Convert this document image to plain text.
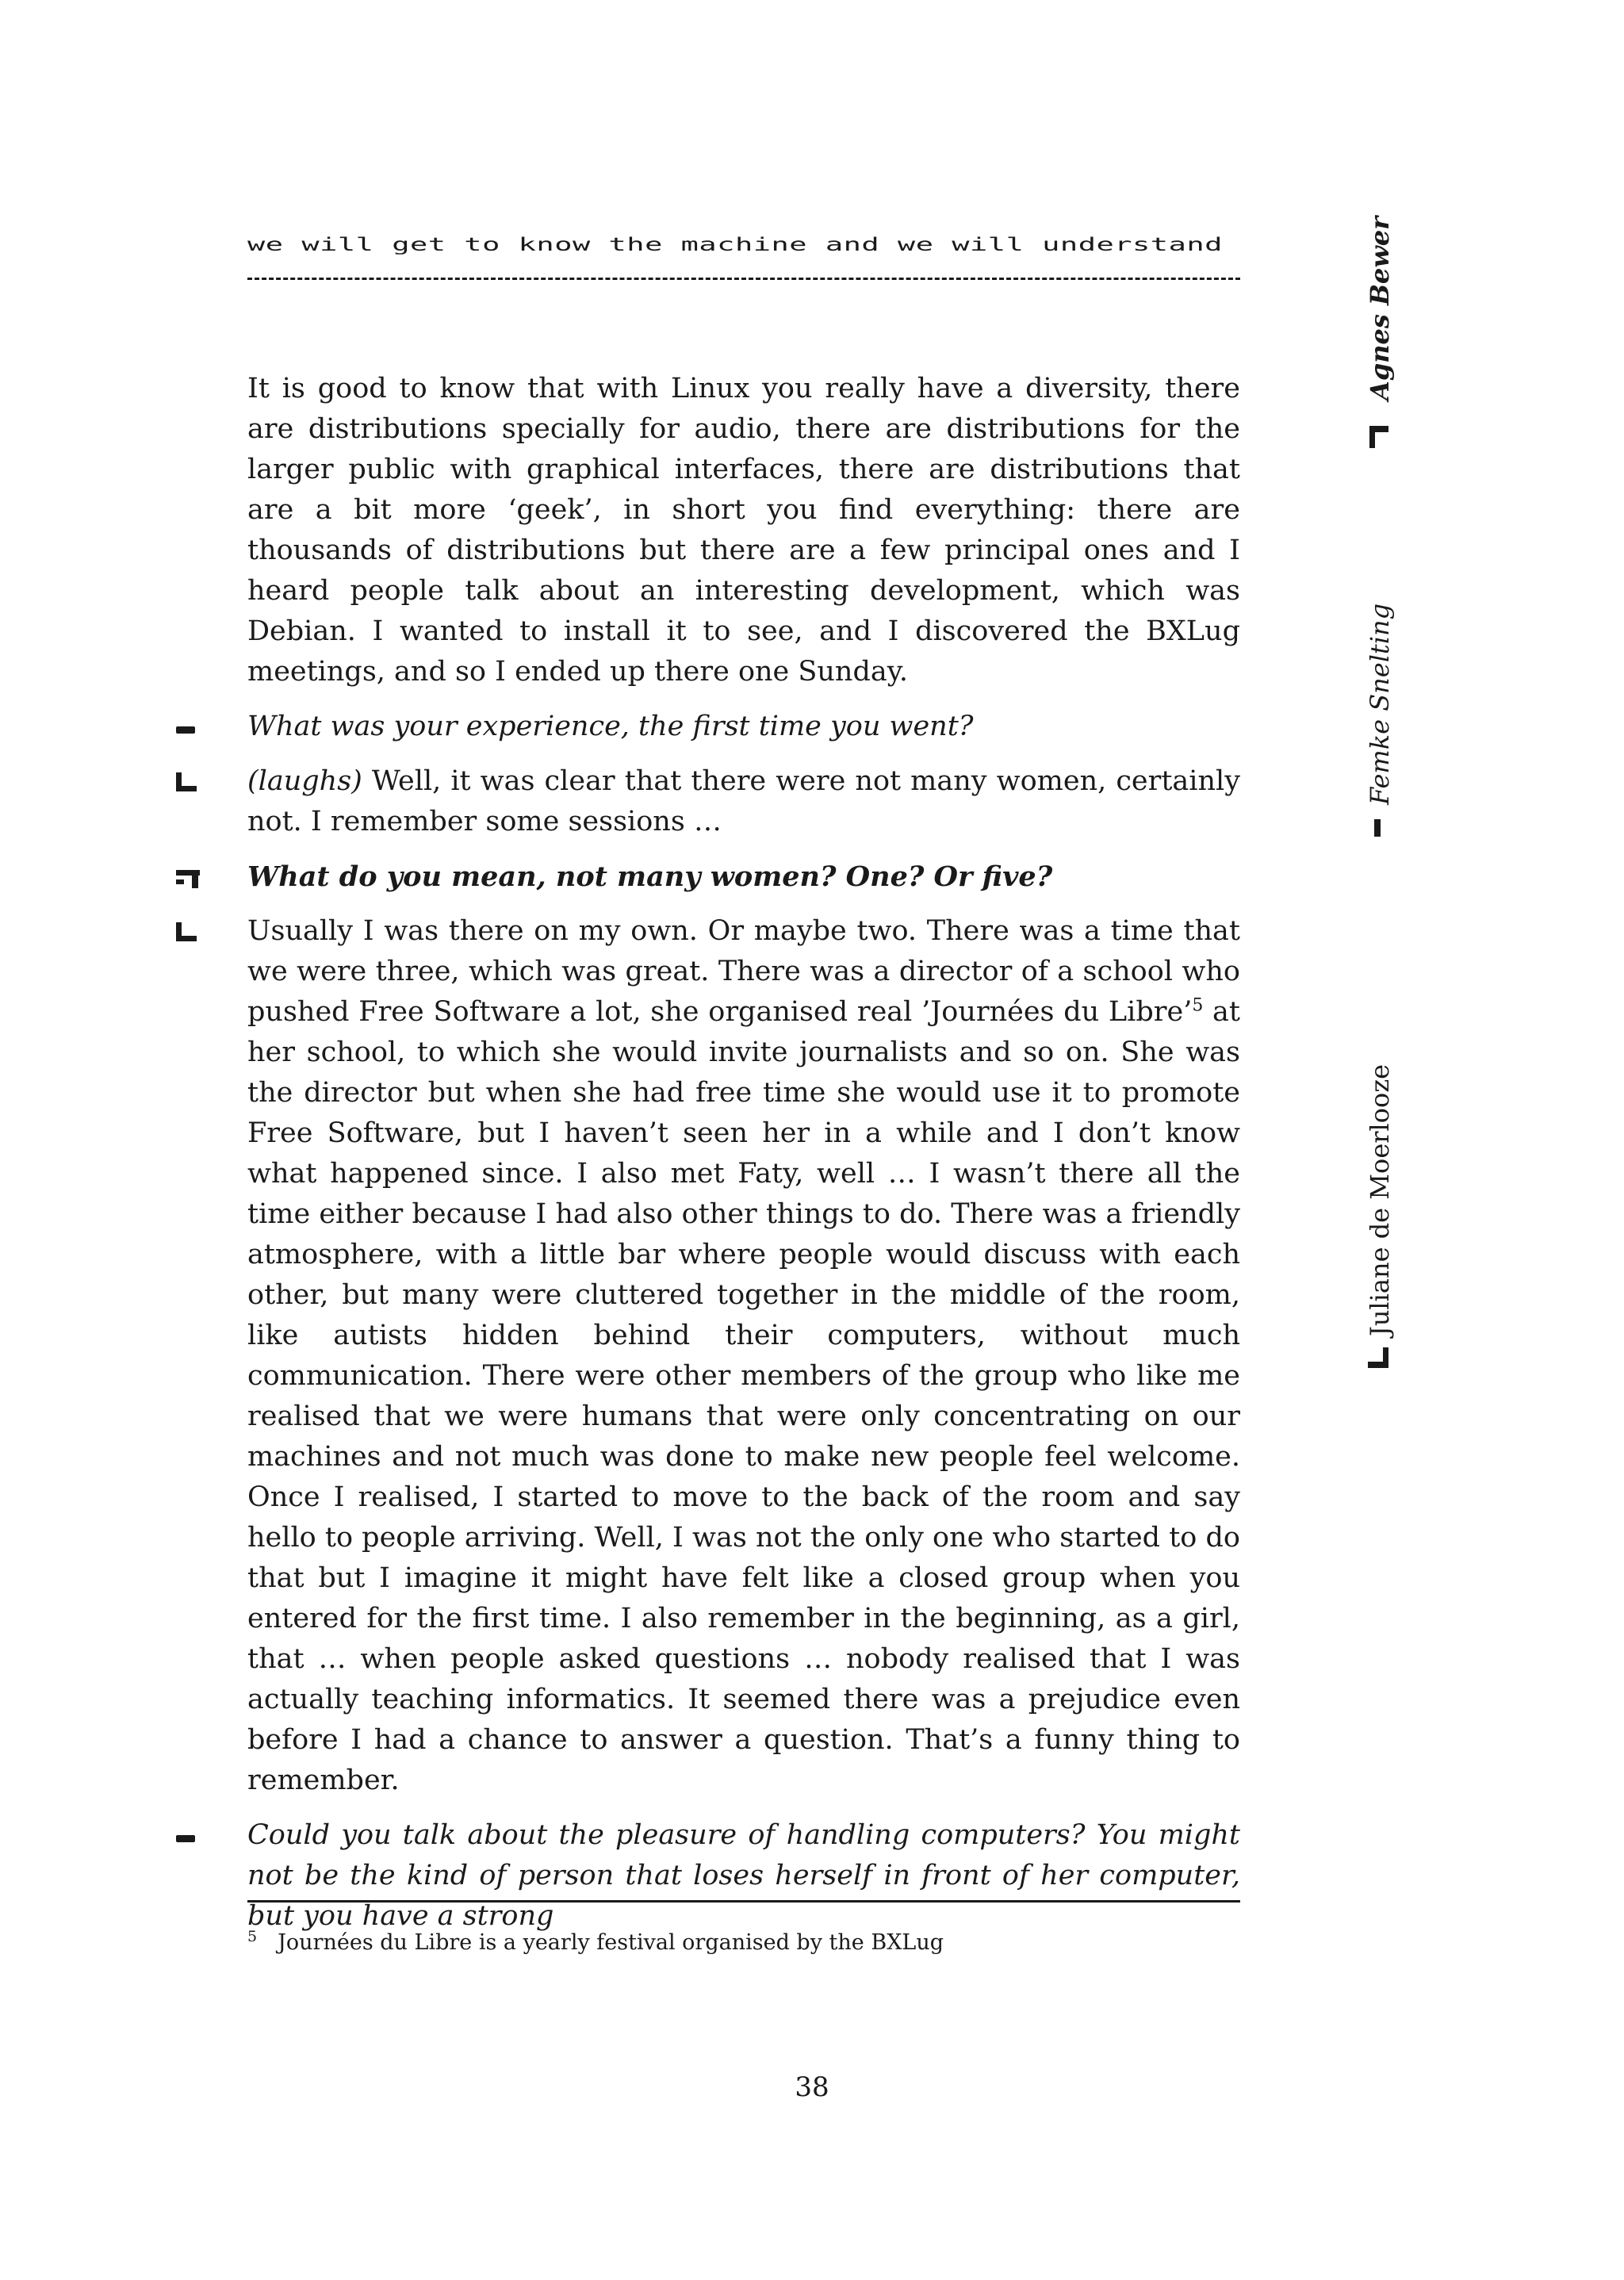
we will get to know the machine and we will understand

It is good to know that with Linux you really have a diversity, there are distributions specially for audio, there are distributions for the larger public with graphical interfaces, there are distributions that are a bit more ‘geek’, in short you find everything: there are thousands of distributions but there are a few principal ones and I heard people talk about an interesting development, which was Debian. I wanted to install it to see, and I discovered the BXLug meetings, and so I ended up there one Sunday.

What was your experience, the first time you went?

(laughs) Well, it was clear that there were not many women, certainly not. I remember some sessions …

What do you mean, not many women? One? Or five?

Usually I was there on my own. Or maybe two. There was a time that we were three, which was great. There was a director of a school who pushed Free Software a lot, she organised real ’Journées du Libre’$^5$ at her school, to which she would invite journalists and so on. She was the director but when she had free time she would use it to promote Free Software, but I haven’t seen her in a while and I don’t know what happened since. I also met Faty, well … I wasn’t there all the time either because I had also other things to do. There was a friendly atmosphere, with a little bar where people would discuss with each other, but many were cluttered together in the middle of the room, like autists hidden behind their computers, without much communication. There were other members of the group who like me realised that we were humans that were only concentrating on our machines and not much was done to make new people feel welcome. Once I realised, I started to move to the back of the room and say hello to people arriving. Well, I was not the only one who started to do that but I imagine it might have felt like a closed group when you entered for the first time. I also remember in the beginning, as a girl, that … when people asked questions … nobody realised that I was actually teaching informatics. It seemed there was a prejudice even before I had a chance to answer a question. That’s a funny thing to remember.

Could you talk about the pleasure of handling computers? You might not be the kind of person that loses herself in front of her computer, but you have a strong

Femke Snelting
Agnes Bewer
Juliane de Moerlooze
$^5$ Journées du Libre is a yearly festival organised by the BXLug
38
